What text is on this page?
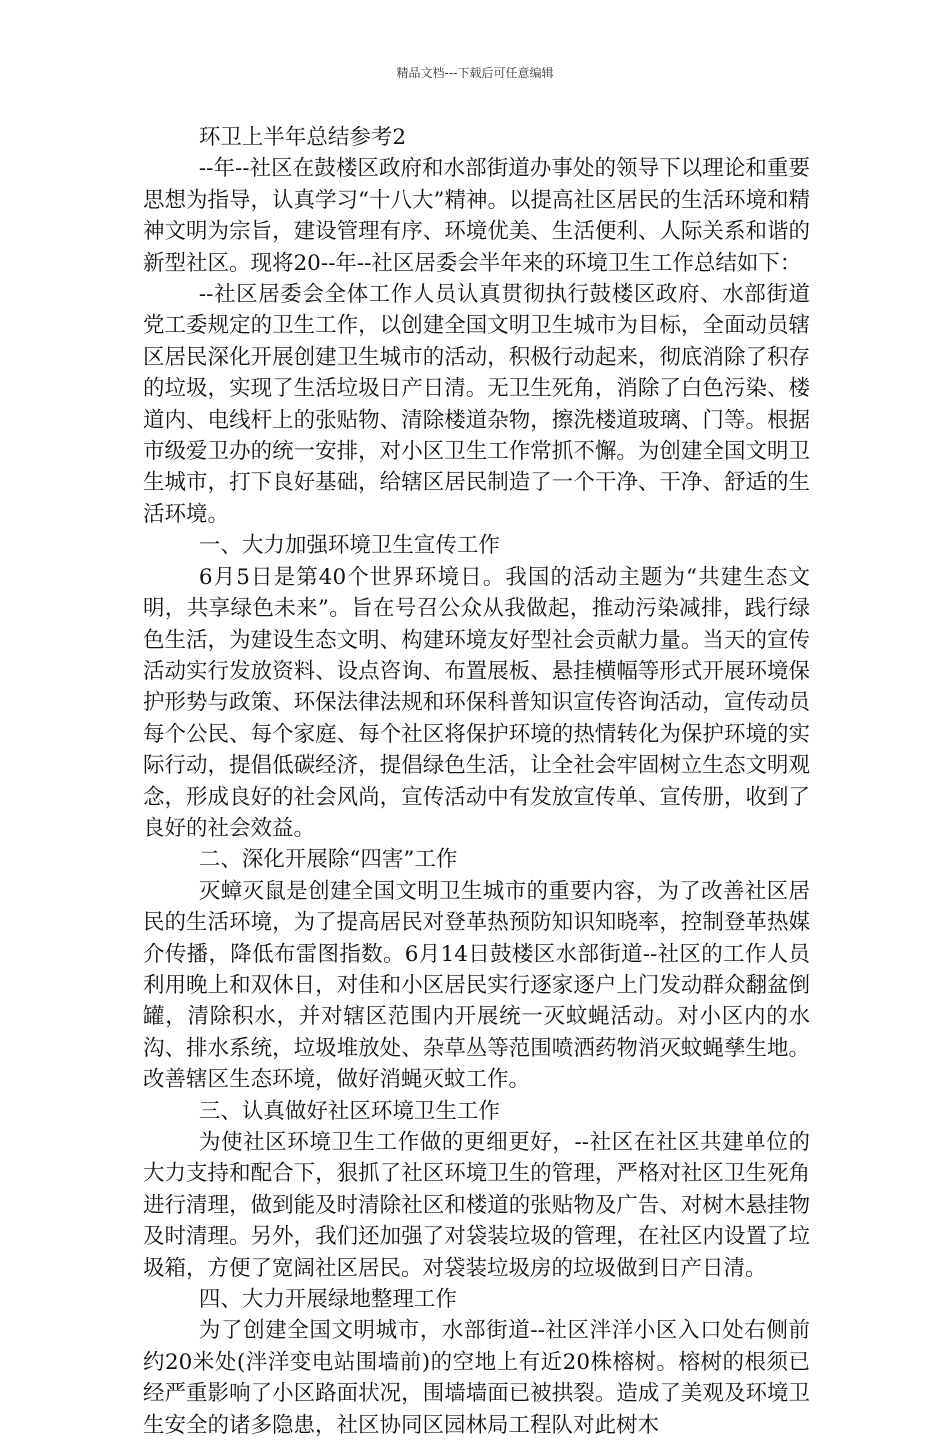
精品文档---下载后可任意编辑

环卫上半年总结参考2

--年--社区在鼓楼区政府和水部街道办事处的领导下以理论和重要思想为指导，认真学习“十八大”精神。以提高社区居民的生活环境和精神文明为宗旨，建设管理有序、环境优美、生活便利、人际关系和谐的新型社区。现将20--年--社区居委会半年来的环境卫生工作总结如下：

--社区居委会全体工作人员认真贯彻执行鼓楼区政府、水部街道党工委规定的卫生工作，以创建全国文明卫生城市为目标，全面动员辖区居民深化开展创建卫生城市的活动，积极行动起来，彻底消除了积存的垃圾，实现了生活垃圾日产日清。无卫生死角，消除了白色污染、楼道内、电线杆上的张贴物、清除楼道杂物，擦洗楼道玻璃、门等。根据市级爱卫办的统一安排，对小区卫生工作常抓不懈。为创建全国文明卫生城市，打下良好基础，给辖区居民制造了一个干净、干净、舒适的生活环境。

一、大力加强环境卫生宣传工作

6月5日是第40个世界环境日。我国的活动主题为“共建生态文明，共享绿色未来”。旨在号召公众从我做起，推动污染减排，践行绿色生活，为建设生态文明、构建环境友好型社会贡献力量。当天的宣传活动实行发放资料、设点咨询、布置展板、悬挂横幅等形式开展环境保护形势与政策、环保法律法规和环保科普知识宣传咨询活动，宣传动员每个公民、每个家庭、每个社区将保护环境的热情转化为保护环境的实际行动，提倡低碳经济，提倡绿色生活，让全社会牢固树立生态文明观念，形成良好的社会风尚，宣传活动中有发放宣传单、宣传册，收到了良好的社会效益。

二、深化开展除“四害”工作

灭蟑灭鼠是创建全国文明卫生城市的重要内容，为了改善社区居民的生活环境，为了提高居民对登革热预防知识知晓率，控制登革热媒介传播，降低布雷图指数。6月14日鼓楼区水部街道--社区的工作人员利用晚上和双休日，对佳和小区居民实行逐家逐户上门发动群众翻盆倒罐，清除积水，并对辖区范围内开展统一灭蚊蝇活动。对小区内的水沟、排水系统，垃圾堆放处、杂草丛等范围喷洒药物消灭蚊蝇孳生地。改善辖区生态环境，做好消蝇灭蚊工作。

三、认真做好社区环境卫生工作

为使社区环境卫生工作做的更细更好，--社区在社区共建单位的大力支持和配合下，狠抓了社区环境卫生的管理，严格对社区卫生死角进行清理，做到能及时清除社区和楼道的张贴物及广告、对树木悬挂物及时清理。另外，我们还加强了对袋装垃圾的管理，在社区内设置了垃圾箱，方便了宽阔社区居民。对袋装垃圾房的垃圾做到日产日清。

四、大力开展绿地整理工作

为了创建全国文明城市，水部街道--社区泮洋小区入口处右侧前约20米处(泮洋变电站围墙前)的空地上有近20株榕树。榕树的根须已经严重影响了小区路面状况，围墙墙面已被拱裂。造成了美观及环境卫生安全的诸多隐患，社区协同区园林局工程队对此树木
